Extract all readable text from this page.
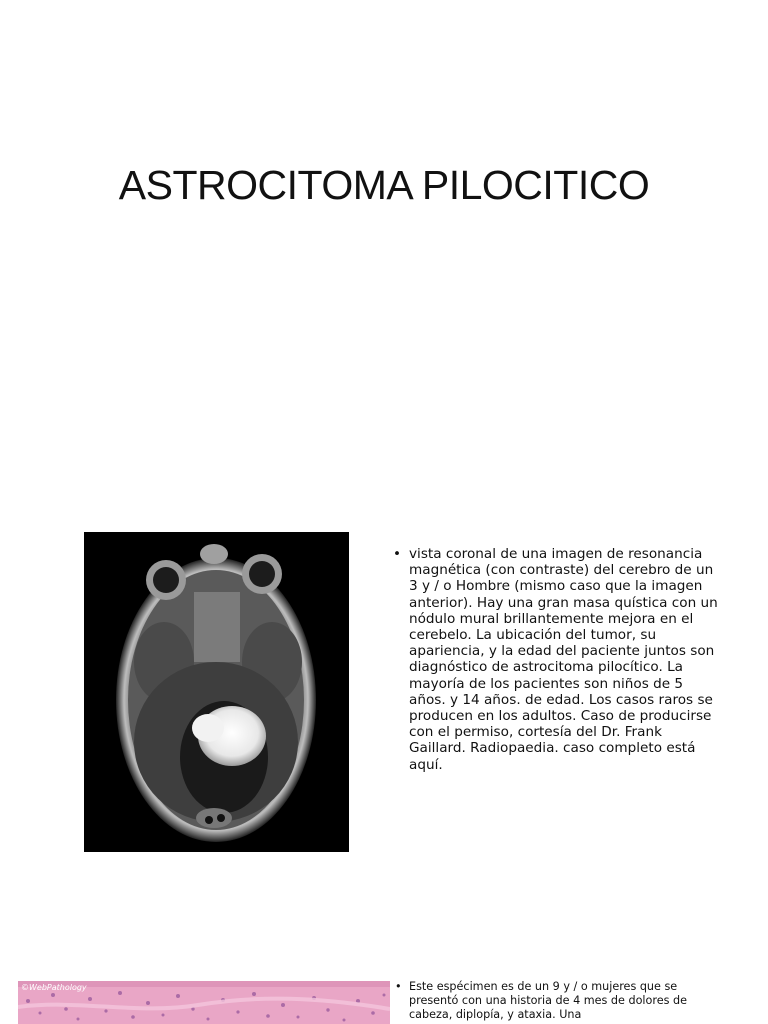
ASTROCITOMA PILOCITICO
• vista coronal de una imagen de resonancia magnética (con contraste) del cerebro de un 3 y / o Hombre (mismo caso que la imagen anterior). Hay una gran masa quística con un nódulo mural brillantemente mejora en el cerebelo. La ubicación del tumor, su apariencia, y la edad del paciente juntos son diagnóstico de astrocitoma pilocítico. La mayoría de los pacientes son niños de 5 años. y 14 años. de edad. Los casos raros se producen en los adultos. Caso de producirse con el permiso, cortesía del Dr. Frank Gaillard. Radiopaedia. caso completo está aquí.
©WebPathology	• Este espécimen es de un 9 y / o mujeres que se presentó con una historia de 4 mes de dolores de cabeza, diplopía, y ataxia. Una
